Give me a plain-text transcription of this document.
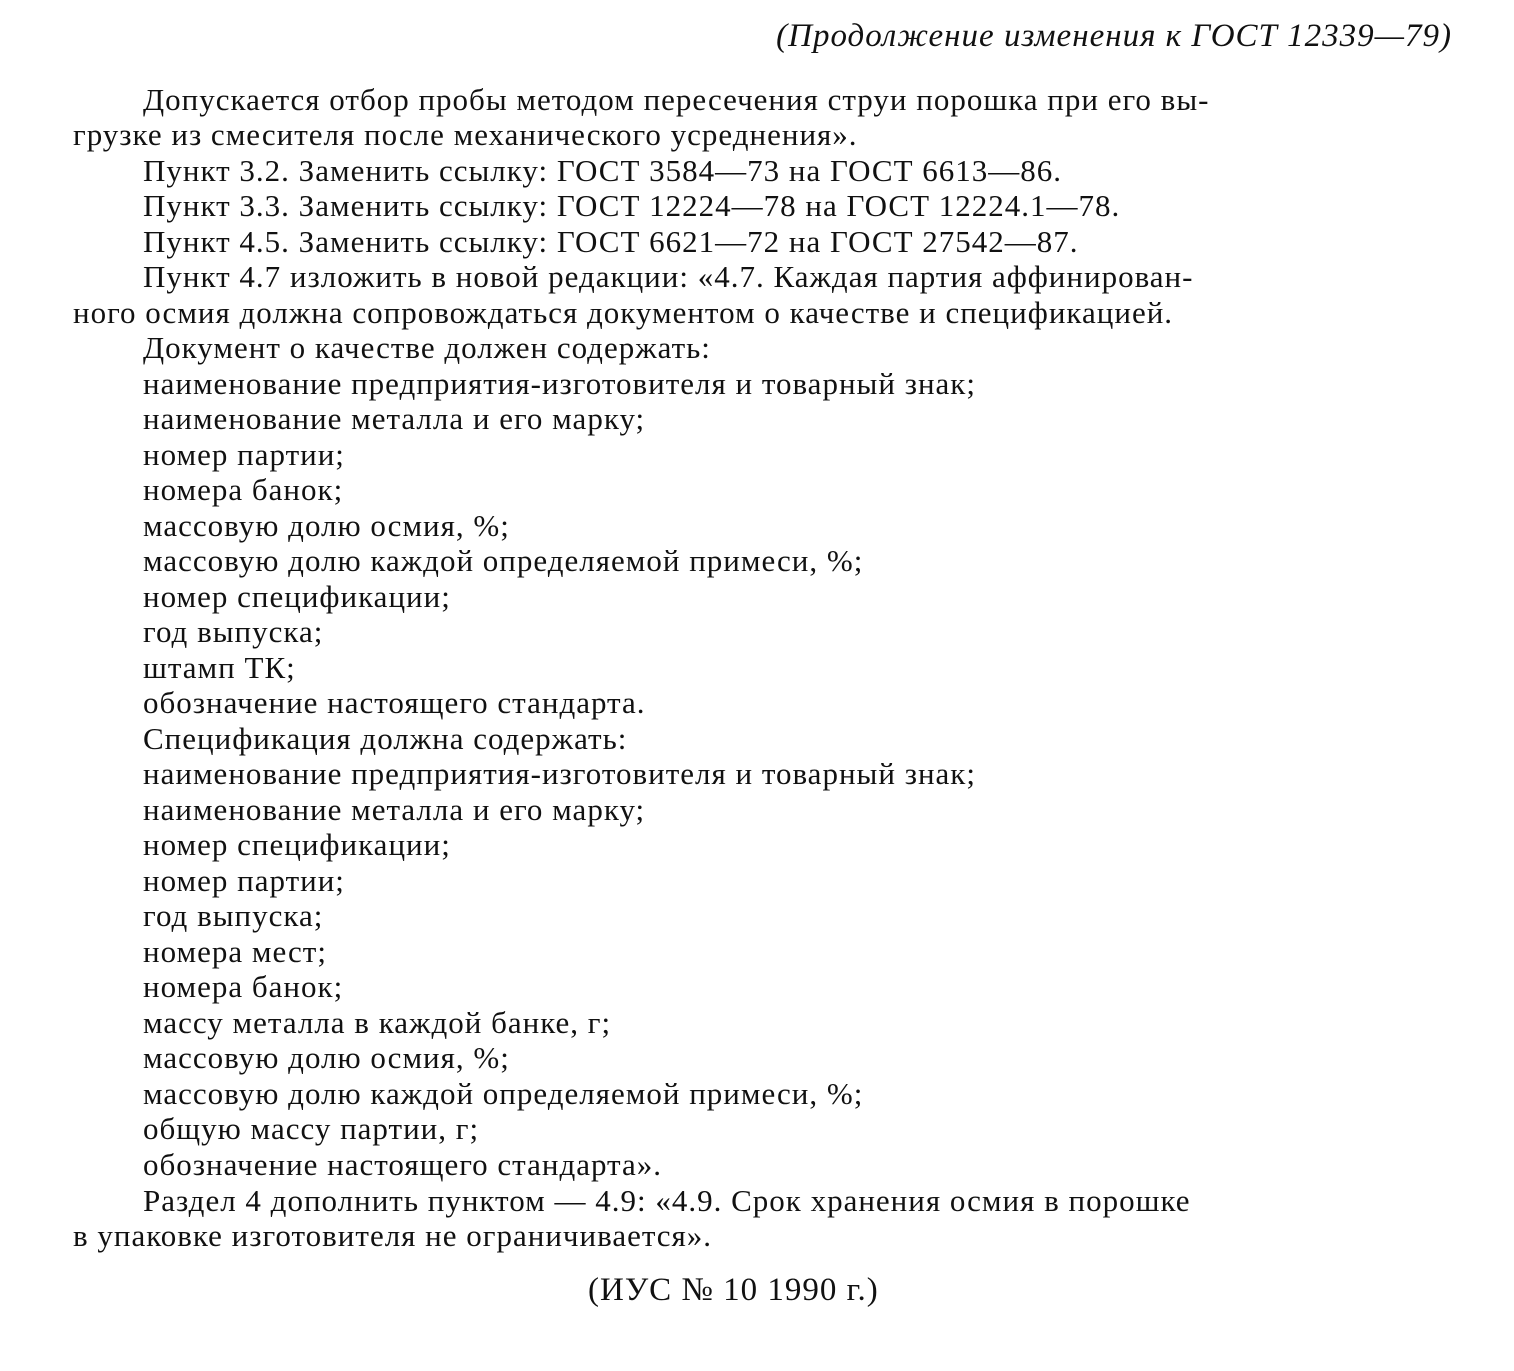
(Продолжение изменения к ГОСТ 12339—79)
Допускается отбор пробы методом пересечения струи порошка при его вы-
грузке из смесителя после механического усреднения».
Пункт 3.2. Заменить ссылку: ГОСТ 3584—73 на ГОСТ 6613—86.
Пункт 3.3. Заменить ссылку: ГОСТ 12224—78 на ГОСТ 12224.1—78.
Пункт 4.5. Заменить ссылку: ГОСТ 6621—72 на ГОСТ 27542—87.
Пункт 4.7 изложить в новой редакции: «4.7. Каждая партия аффинирован-
ного осмия должна сопровождаться документом о качестве и спецификацией.
Документ о качестве должен содержать:
наименование предприятия-изготовителя и товарный знак;
наименование металла и его марку;
номер партии;
номера банок;
массовую долю осмия, %;
массовую долю каждой определяемой примеси, %;
номер спецификации;
год выпуска;
штамп ТК;
обозначение настоящего стандарта.
Спецификация должна содержать:
наименование предприятия-изготовителя и товарный знак;
наименование металла и его марку;
номер спецификации;
номер партии;
год выпуска;
номера мест;
номера банок;
массу металла в каждой банке, г;
массовую долю осмия, %;
массовую долю каждой определяемой примеси, %;
общую массу партии, г;
обозначение настоящего стандарта».
Раздел 4 дополнить пунктом — 4.9: «4.9. Срок хранения осмия в порошке
в упаковке изготовителя не ограничивается».
(ИУС № 10 1990 г.)
